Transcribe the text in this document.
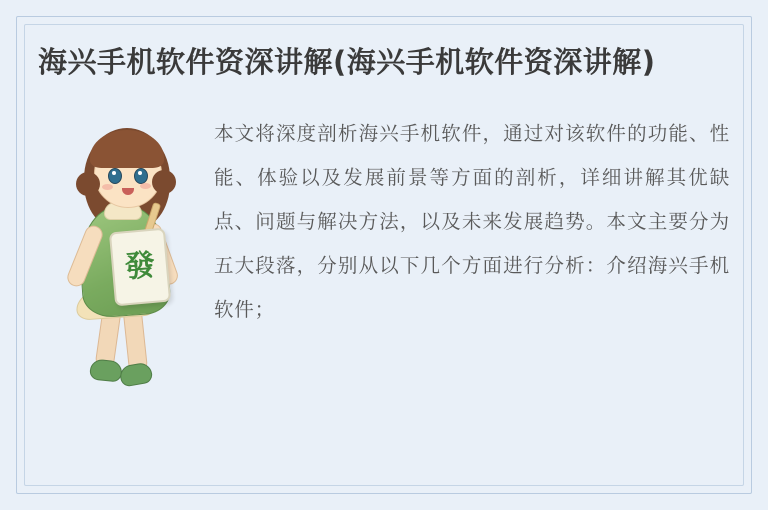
海兴手机软件资深讲解(海兴手机软件资深讲解)
發

本文将深度剖析海兴手机软件，通过对该软件的功能、性能、体验以及发展前景等方面的剖析，详细讲解其优缺点、问题与解决方法，以及未来发展趋势。本文主要分为五大段落，分别从以下几个方面进行分析：介绍海兴手机软件；
